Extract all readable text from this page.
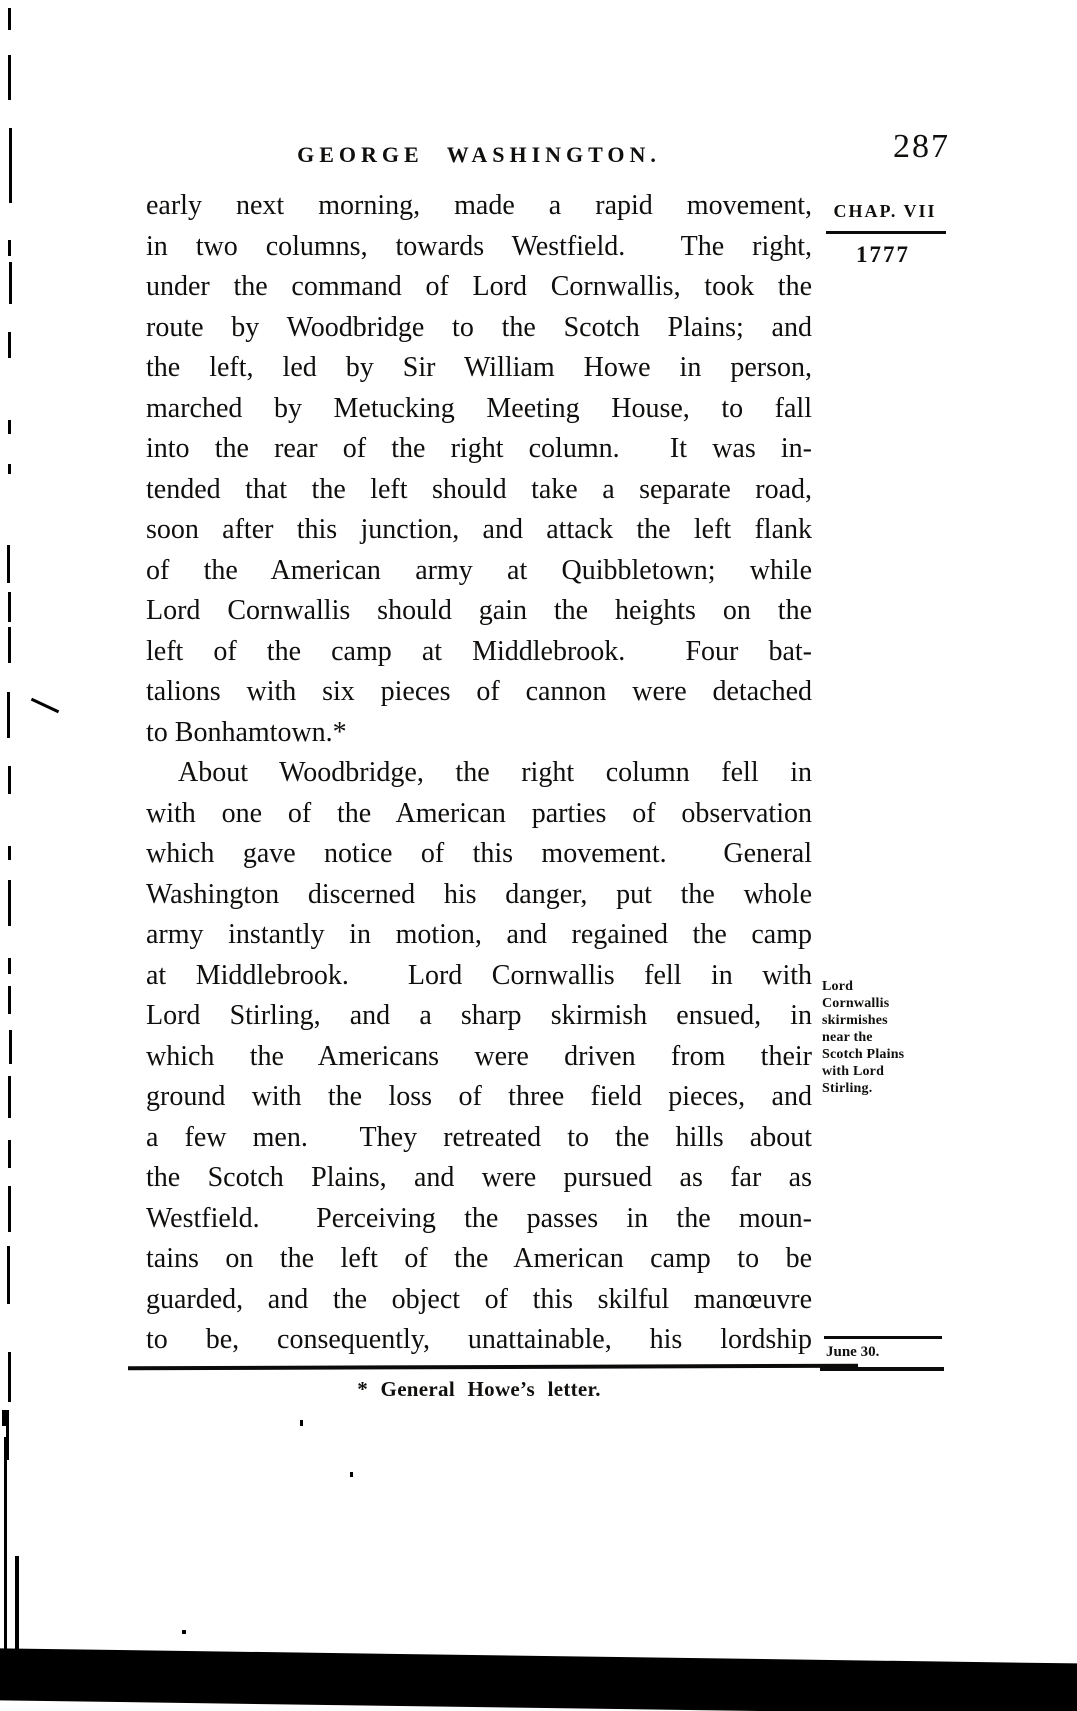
GEORGE WASHINGTON.	287
CHAP. VII
1777
early next morning, made a rapid movement,
in two columns, towards Westfield.  The right,
under the command of Lord Cornwallis, took the
route by Woodbridge to the Scotch Plains; and
the left, led by Sir William Howe in person,
marched by Metucking Meeting House, to fall
into the rear of the right column.  It was in-
tended that the left should take a separate road,
soon after this junction, and attack the left flank
of the American army at Quibbletown; while
Lord Cornwallis should gain the heights on the
left of the camp at Middlebrook.  Four bat-
talions with six pieces of cannon were detached
to Bonhamtown.*
About Woodbridge, the right column fell in
with one of the American parties of observation
which gave notice of this movement.  General
Washington discerned his danger, put the whole
army instantly in motion, and regained the camp
at Middlebrook.  Lord Cornwallis fell in with
Lord Stirling, and a sharp skirmish ensued, in
which the Americans were driven from their
ground with the loss of three field pieces, and
a few men.  They retreated to the hills about
the Scotch Plains, and were pursued as far as
Westfield.  Perceiving the passes in the moun-
tains on the left of the American camp to be
guarded, and the object of this skilful manœuvre
to be, consequently, unattainable, his lordship
Lord
Cornwallis
skirmishes
near the
Scotch Plains
with Lord
Stirling.
June 30.
* General Howe’s letter.
